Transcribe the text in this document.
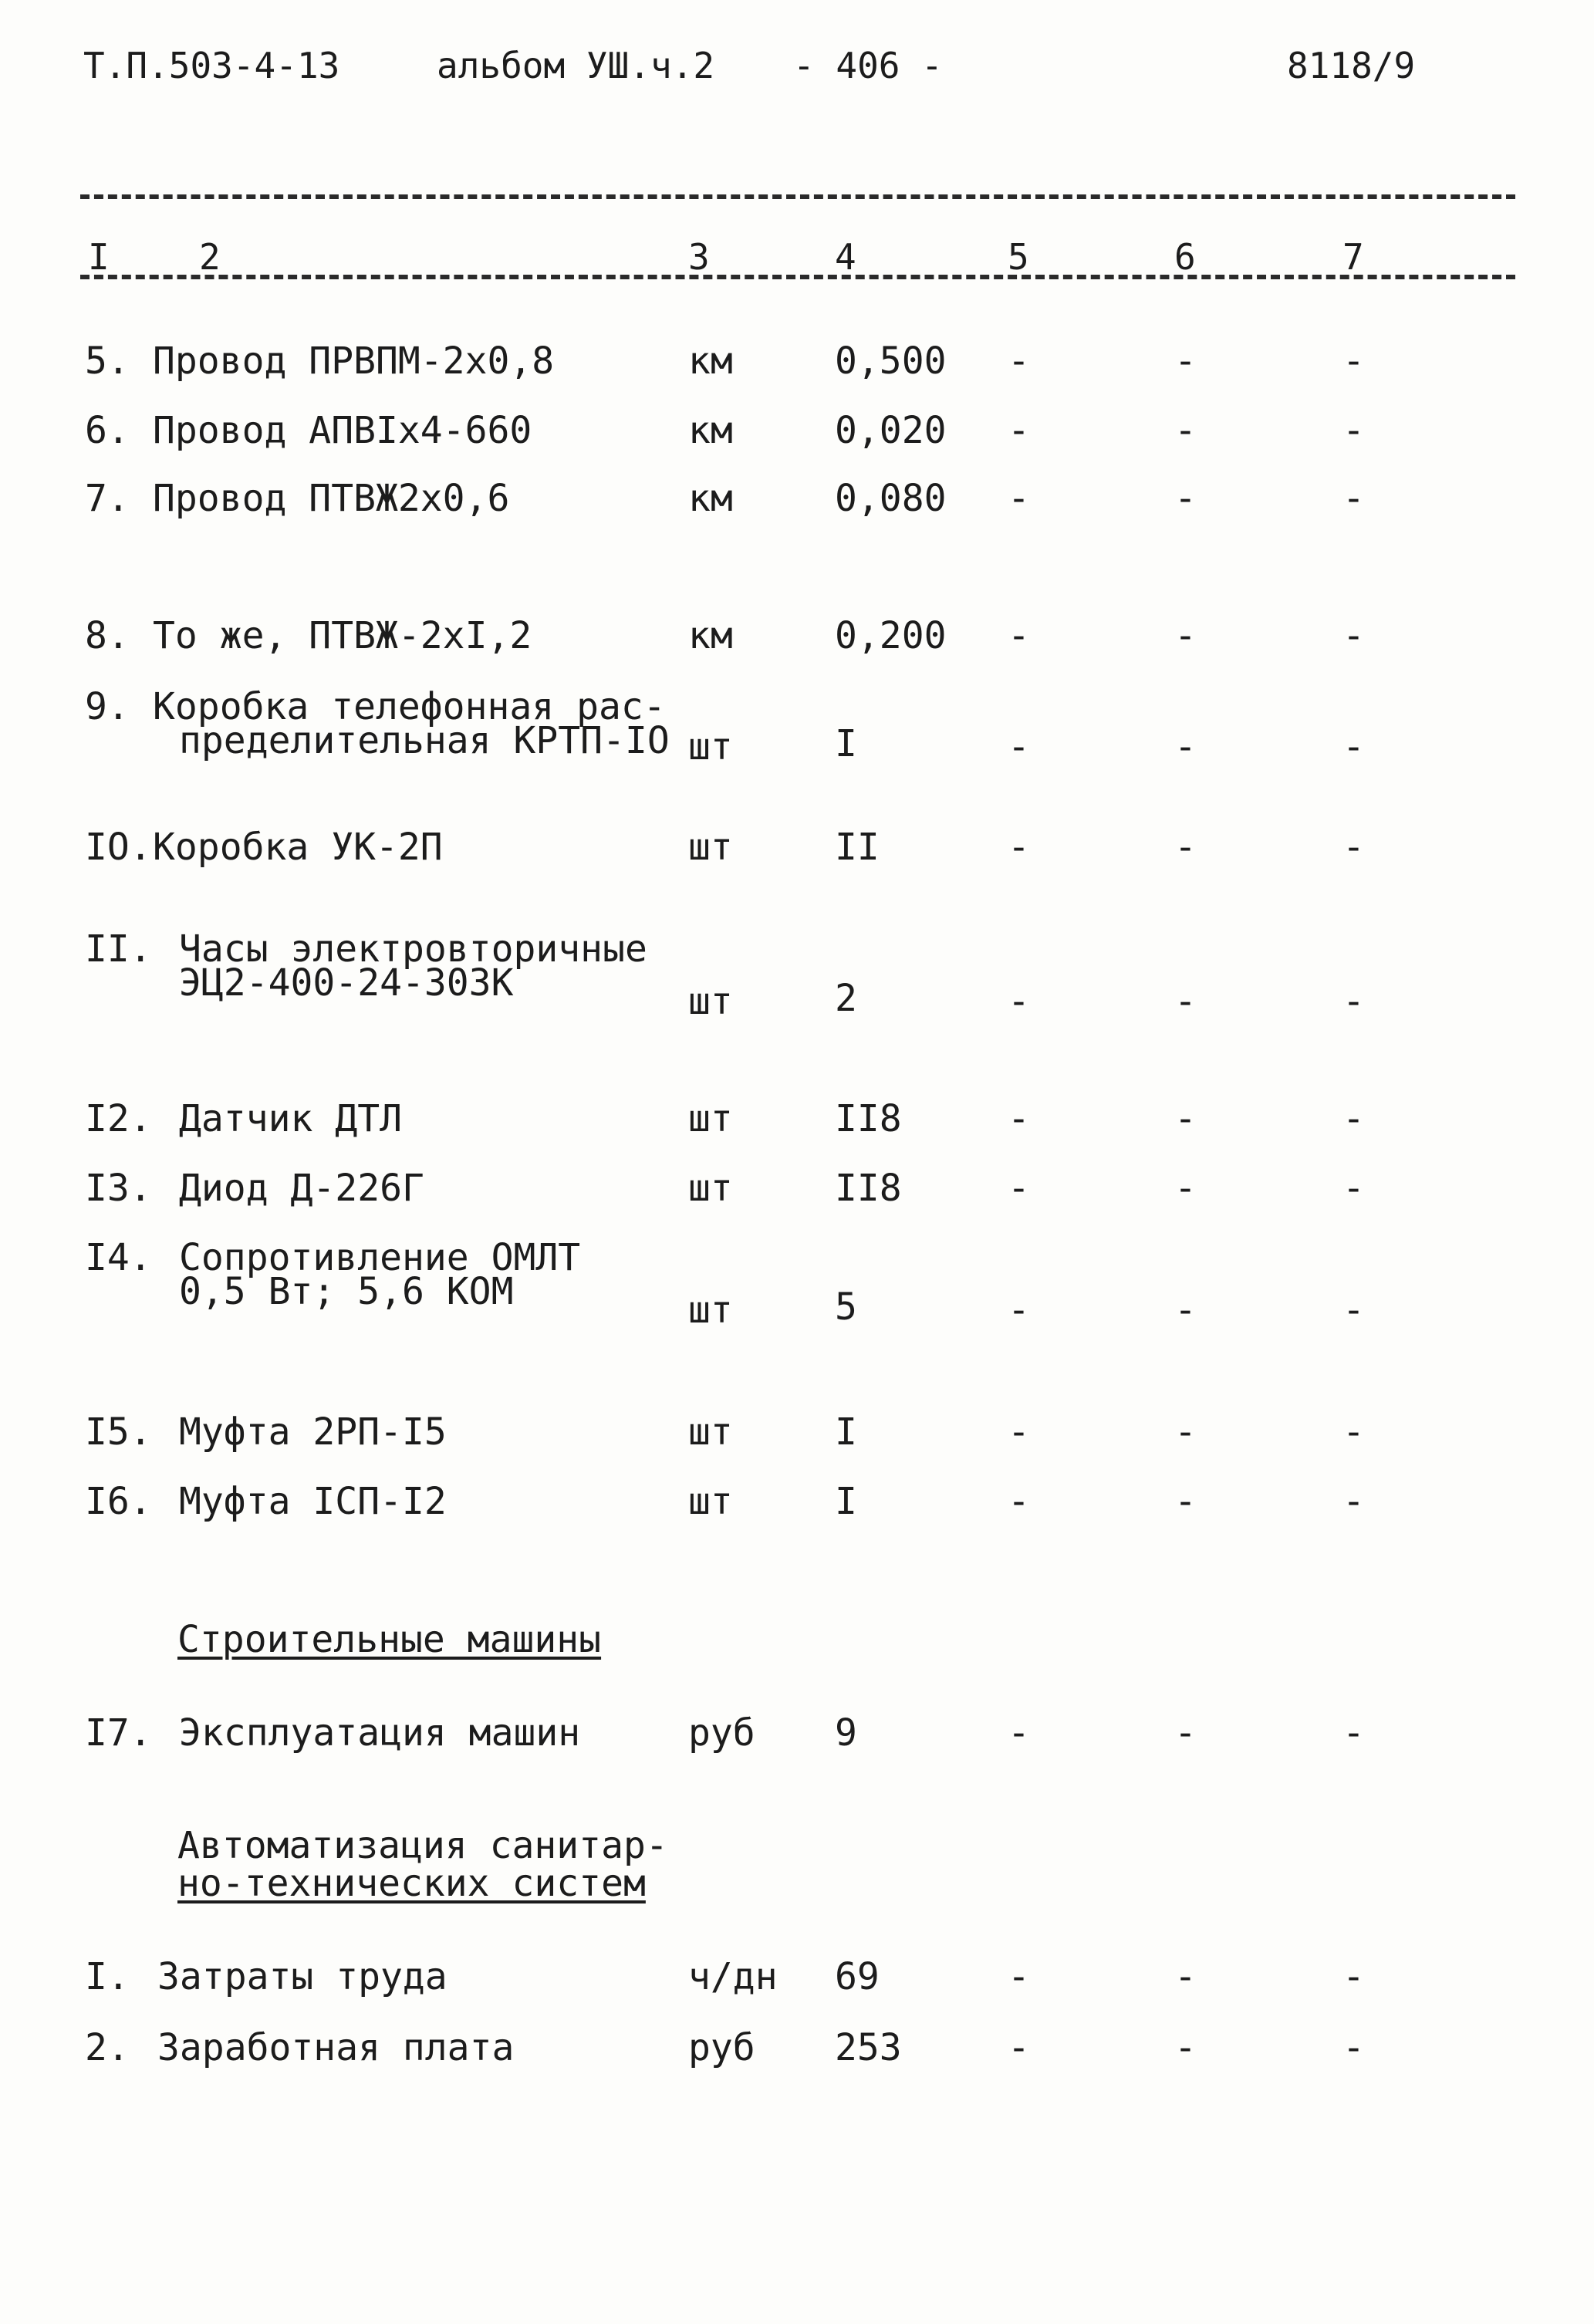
Т.П.503-4-13	альбом УШ.ч.2 - 406 -	8118/9
I	2	3	4	5	6	7
5. Провод ПРВПМ-2х0,8	км	0,500 -	-	-
6. Провод АПВIх4-660	км	0,020 -	-	-
7. Провод ПТВЖ2х0,6	км	0,080 -	-	-
8. То же, ПТВЖ-2хI,2	км	0,200 -	-	-
9. Коробка телефонная рас-
пределительная КРТП-IO шт	I	-	-	-
IO. Коробка УК-2П	шт	II	-	-	-
II. Часы электровторичные
ЭЦ2-400-24-303К	шт	2	-	-	-
I2. Датчик ДТЛ	шт	II8	-	-	-
I3. Диод Д-226Г	шт	II8	-	-	-
I4. Сопротивление ОМЛТ
0,5 Вт; 5,6 КОМ	шт	5	-	-	-
I5. Муфта 2РП-I5	шт	I	-	-	-
I6. Муфта IСП-I2	шт	I	-	-	-
Строительные машины
I7. Эксплуатация машин	руб 9	-	-	-
Автоматизация санитар-
но-технических систем
I. Затраты труда	ч/дн 69	-	-	-
2. Заработная плата	руб 253	-	-	-
